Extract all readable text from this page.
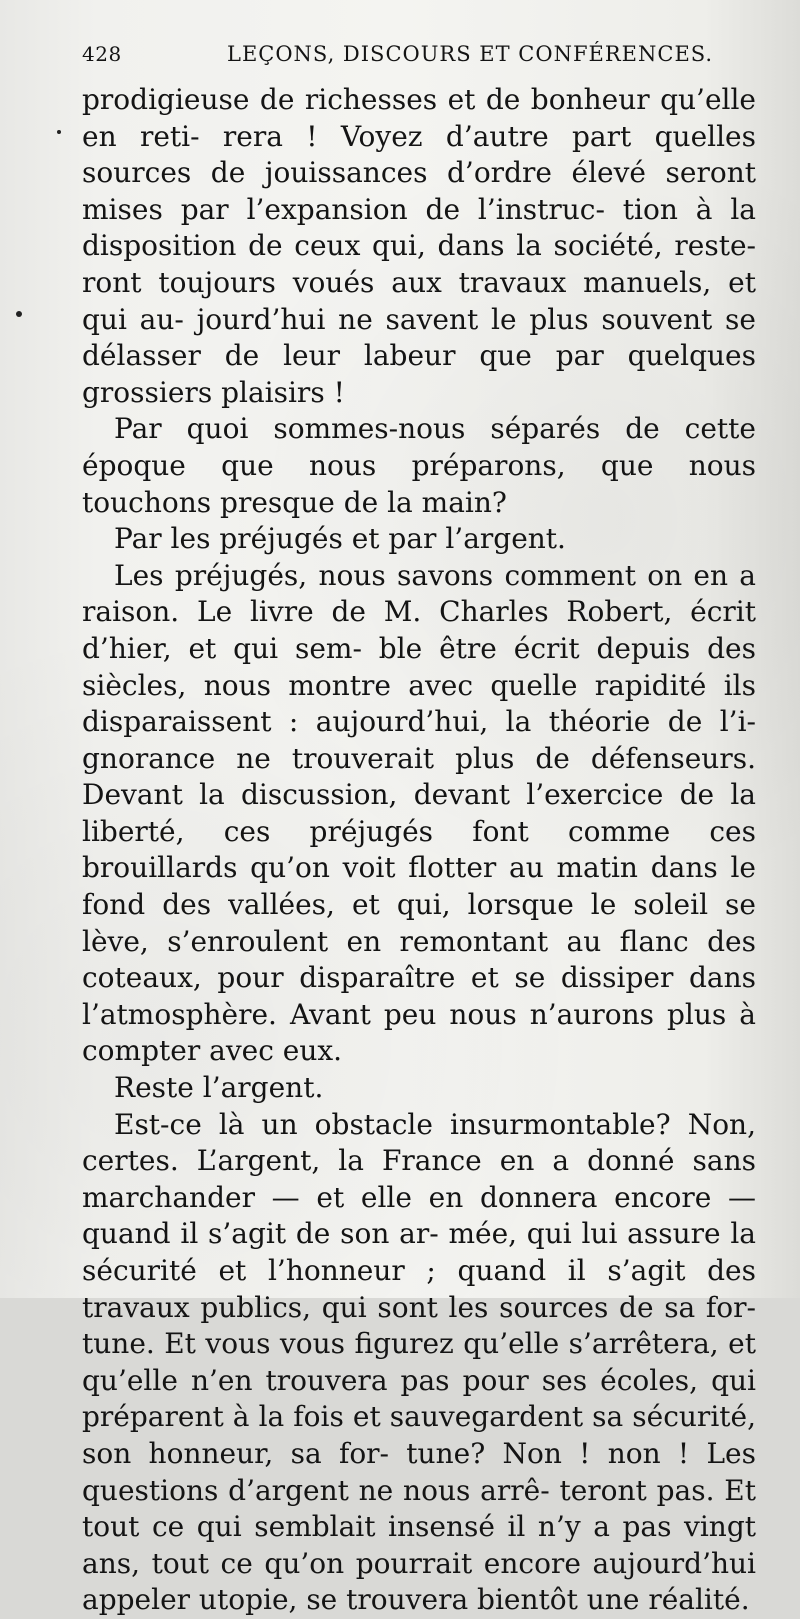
428	LEÇONS, DISCOURS ET CONFÉRENCES.

prodigieuse de richesses et de bonheur qu’elle en reti- rera ! Voyez d’autre part quelles sources de jouissances d’ordre élevé seront mises par l’expansion de l’instruc- tion à la disposition de ceux qui, dans la société, reste- ront toujours voués aux travaux manuels, et qui au- jourd’hui ne savent le plus souvent se délasser de leur labeur que par quelques grossiers plaisirs !

Par quoi sommes-nous séparés de cette époque que nous préparons, que nous touchons presque de la main?

Par les préjugés et par l’argent.

Les préjugés, nous savons comment on en a raison. Le livre de M. Charles Robert, écrit d’hier, et qui sem- ble être écrit depuis des siècles, nous montre avec quelle rapidité ils disparaissent : aujourd’hui, la théorie de l’i- gnorance ne trouverait plus de défenseurs. Devant la discussion, devant l’exercice de la liberté, ces préjugés font comme ces brouillards qu’on voit flotter au matin dans le fond des vallées, et qui, lorsque le soleil se lève, s’enroulent en remontant au flanc des coteaux, pour disparaître et se dissiper dans l’atmosphère. Avant peu nous n’aurons plus à compter avec eux.

Reste l’argent.

Est-ce là un obstacle insurmontable? Non, certes. L’argent, la France en a donné sans marchander — et elle en donnera encore — quand il s’agit de son ar- mée, qui lui assure la sécurité et l’honneur ; quand il s’agit des travaux publics, qui sont les sources de sa for- tune. Et vous vous figurez qu’elle s’arrêtera, et qu’elle n’en trouvera pas pour ses écoles, qui préparent à la fois et sauvegardent sa sécurité, son honneur, sa for- tune? Non ! non ! Les questions d’argent ne nous arrê- teront pas. Et tout ce qui semblait insensé il n’y a pas vingt ans, tout ce qu’on pourrait encore aujourd’hui appeler utopie, se trouvera bientôt une réalité.
